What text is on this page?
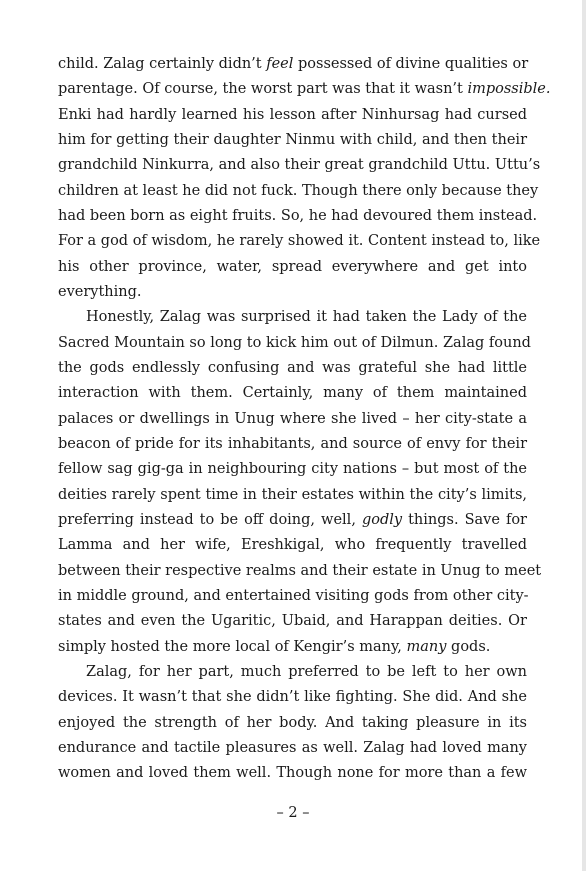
child. Zalag certainly didn’t feel possessed of divine qualities or
parentage. Of course, the worst part was that it wasn’t impossible.
Enki had hardly learned his lesson after Ninhursag had cursed
him for getting their daughter Ninmu with child, and then their
grandchild Ninkurra, and also their great grandchild Uttu. Uttu’s
children at least he did not fuck. Though there only because they
had been born as eight fruits. So, he had devoured them instead.
For a god of wisdom, he rarely showed it. Content instead to, like
his other province, water, spread everywhere and get into
everything.
Honestly, Zalag was surprised it had taken the Lady of the
Sacred Mountain so long to kick him out of Dilmun. Zalag found
the gods endlessly confusing and was grateful she had little
interaction with them. Certainly, many of them maintained
palaces or dwellings in Unug where she lived – her city-state a
beacon of pride for its inhabitants, and source of envy for their
fellow sag gig-ga in neighbouring city nations – but most of the
deities rarely spent time in their estates within the city’s limits,
preferring instead to be off doing, well, godly things. Save for
Lamma and her wife, Ereshkigal, who frequently travelled
between their respective realms and their estate in Unug to meet
in middle ground, and entertained visiting gods from other city-
states and even the Ugaritic, Ubaid, and Harappan deities. Or
simply hosted the more local of Kengir’s many, many gods.
Zalag, for her part, much preferred to be left to her own
devices. It wasn’t that she didn’t like fighting. She did. And she
enjoyed the strength of her body. And taking pleasure in its
endurance and tactile pleasures as well. Zalag had loved many
women and loved them well. Though none for more than a few
– 2 –
